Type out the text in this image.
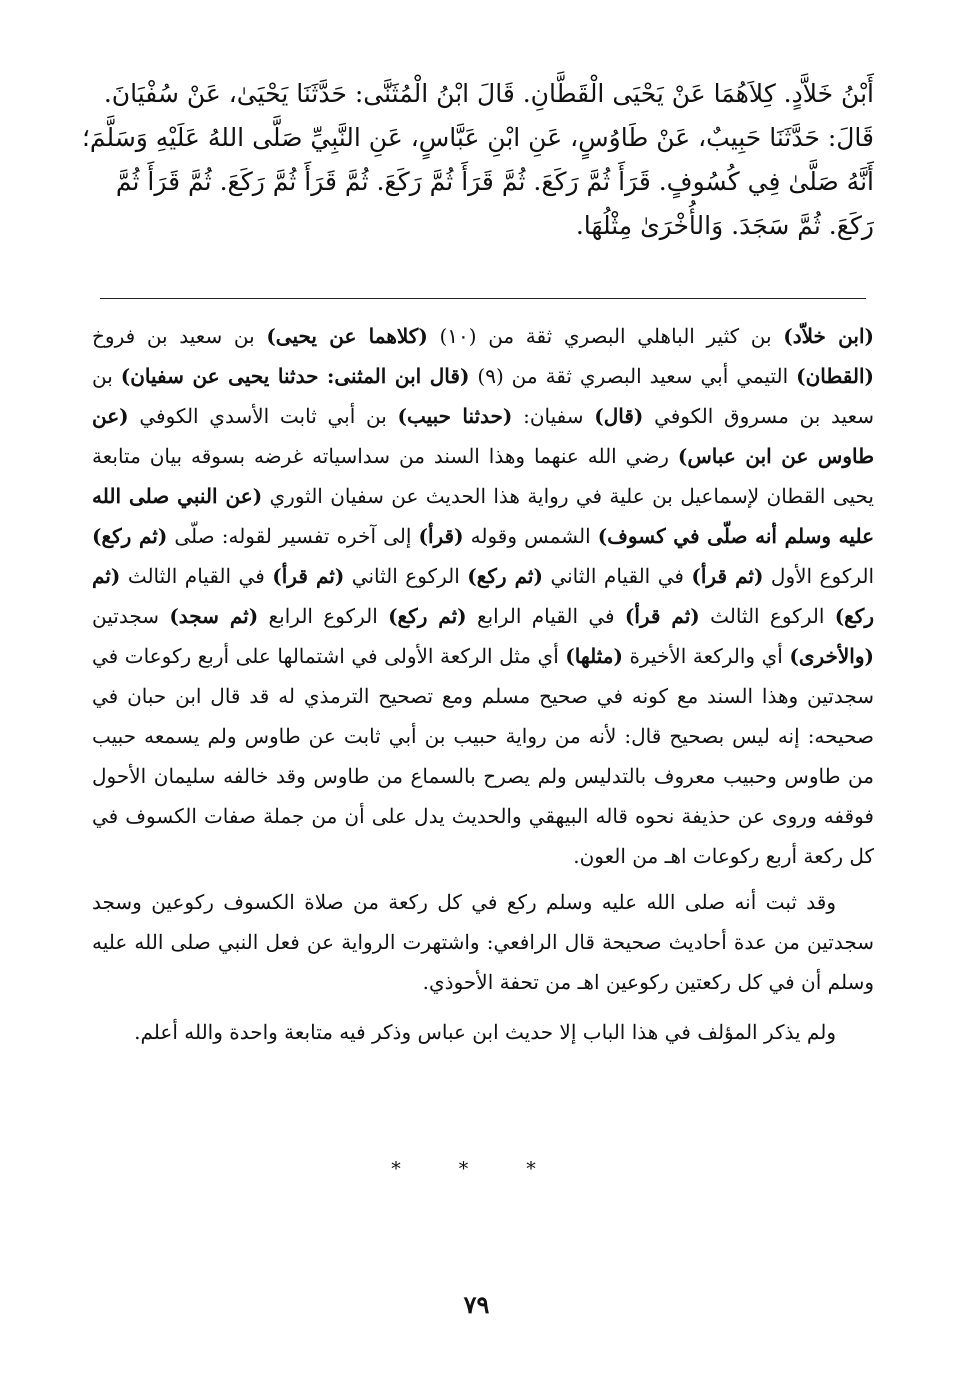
أَبْنُ خَلاَّدٍ. كِلاَهُمَا عَنْ يَحْيَى الْقَطَّانِ. قَالَ ابْنُ الْمُثَنَّى: حَدَّثَنَا يَحْيَىٰ، عَنْ سُفْيَانَ.
قَالَ: حَدَّثَنَا حَبِيبٌ، عَنْ طَاوُسٍ، عَنِ ابْنِ عَبَّاسٍ، عَنِ النَّبِيِّ صَلَّى اللهُ عَلَيْهِ وَسَلَّمَ؛
أَنَّهُ صَلَّىٰ فِي كُسُوفٍ. قَرَأَ ثُمَّ رَكَعَ. ثُمَّ قَرَأَ ثُمَّ رَكَعَ. ثُمَّ قَرَأَ ثُمَّ رَكَعَ. ثُمَّ قَرَأَ ثُمَّ
رَكَعَ. ثُمَّ سَجَدَ. وَالأُخْرَىٰ مِثْلُهَا.

(ابن خلاّد) بن كثير الباهلي البصري ثقة من (١٠) (كلاهما عن يحيى) بن سعيد بن فروخ (القطان) التيمي أبي سعيد البصري ثقة من (٩) (قال ابن المثنى: حدثنا يحيى عن سفيان) بن سعيد بن مسروق الكوفي (قال) سفيان: (حدثنا حبيب) بن أبي ثابت الأسدي الكوفي (عن طاوس عن ابن عباس) رضي الله عنهما وهذا السند من سداسياته غرضه بسوقه بيان متابعة يحيى القطان لإسماعيل بن علية في رواية هذا الحديث عن سفيان الثوري (عن النبي صلى الله عليه وسلم أنه صلّى في كسوف) الشمس وقوله (قرأ) إلى آخره تفسير لقوله: صلّى (ثم ركع) الركوع الأول (ثم قرأ) في القيام الثاني (ثم ركع) الركوع الثاني (ثم قرأ) في القيام الثالث (ثم ركع) الركوع الثالث (ثم قرأ) في القيام الرابع (ثم ركع) الركوع الرابع (ثم سجد) سجدتين (والأخرى) أي والركعة الأخيرة (مثلها) أي مثل الركعة الأولى في اشتمالها على أربع ركوعات في سجدتين وهذا السند مع كونه في صحيح مسلم ومع تصحيح الترمذي له قد قال ابن حبان في صحيحه: إنه ليس بصحيح قال: لأنه من رواية حبيب بن أبي ثابت عن طاوس ولم يسمعه حبيب من طاوس وحبيب معروف بالتدليس ولم يصرح بالسماع من طاوس وقد خالفه سليمان الأحول فوقفه وروى عن حذيفة نحوه قاله البيهقي والحديث يدل على أن من جملة صفات الكسوف في كل ركعة أربع ركوعات اهـ من العون.

وقد ثبت أنه صلى الله عليه وسلم ركع في كل ركعة من صلاة الكسوف ركوعين وسجد سجدتين من عدة أحاديث صحيحة قال الرافعي: واشتهرت الرواية عن فعل النبي صلى الله عليه وسلم أن في كل ركعتين ركوعين اهـ من تحفة الأحوذي.

ولم يذكر المؤلف في هذا الباب إلا حديث ابن عباس وذكر فيه متابعة واحدة والله أعلم.

* * *
٧٩
